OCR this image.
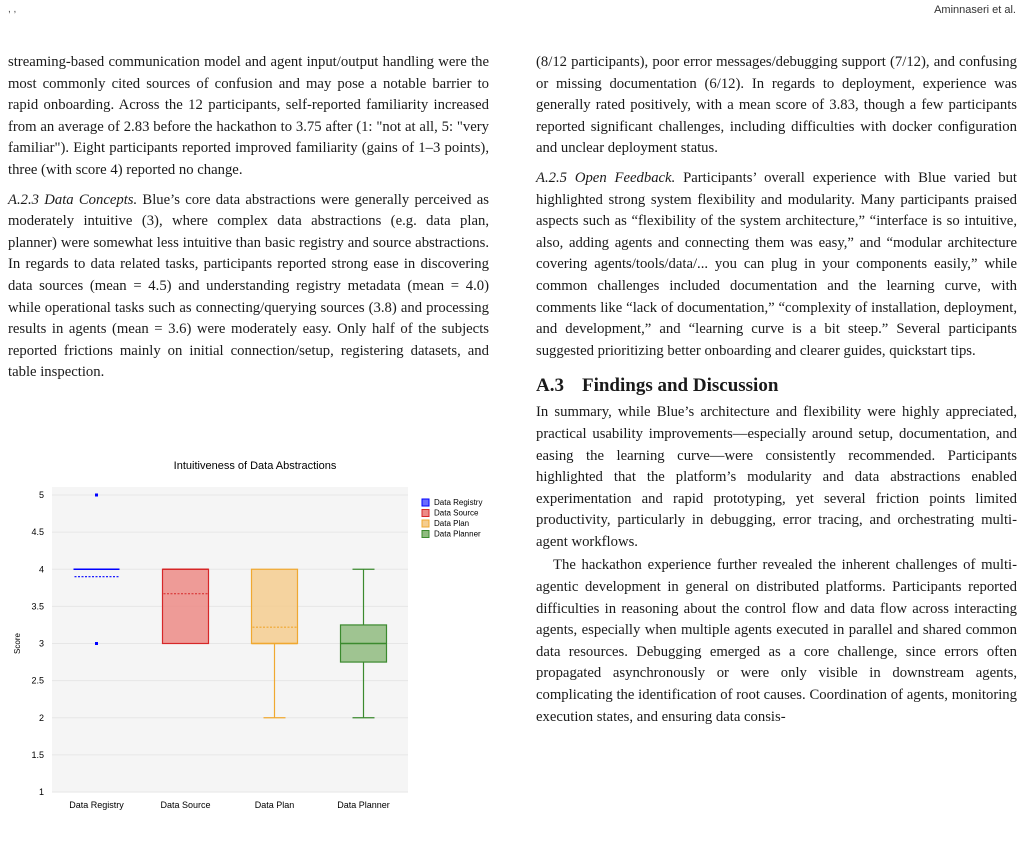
, ,	Aminnaseri et al.

streaming-based communication model and agent input/output handling were the most commonly cited sources of confusion and may pose a notable barrier to rapid onboarding. Across the 12 participants, self-reported familiarity increased from an average of 2.83 before the hackathon to 3.75 after (1: "not at all, 5: "very familiar"). Eight participants reported improved familiarity (gains of 1–3 points), three (with score 4) reported no change.

A.2.3 Data Concepts. Blue’s core data abstractions were generally perceived as moderately intuitive (3), where complex data abstractions (e.g. data plan, planner) were somewhat less intuitive than basic registry and source abstractions. In regards to data related tasks, participants reported strong ease in discovering data sources (mean = 4.5) and understanding registry metadata (mean = 4.0) while operational tasks such as connecting/querying sources (3.8) and processing results in agents (mean = 3.6) were moderately easy. Only half of the subjects reported frictions mainly on initial connection/setup, registering datasets, and table inspection.

Intuitiveness of Data Abstractions
1
1.5
2
2.5
3
3.5
4
4.5
5
Score
Data Registry	Data Source	Data Plan	Data Planner
Data Registry
Data Source
Data Plan
Data Planner

(8/12 participants), poor error messages/debugging support (7/12), and confusing or missing documentation (6/12). In regards to deployment, experience was generally rated positively, with a mean score of 3.83, though a few participants reported significant challenges, including difficulties with docker configuration and unclear deployment status.

A.2.5 Open Feedback. Participants’ overall experience with Blue varied but highlighted strong system flexibility and modularity. Many participants praised aspects such as “flexibility of the system architecture,” “interface is so intuitive, also, adding agents and connecting them was easy,” and “modular architecture covering agents/tools/data/... you can plug in your components easily,” while common challenges included documentation and the learning curve, with comments like “lack of documentation,” “complexity of installation, deployment, and development,” and “learning curve is a bit steep.” Several participants suggested prioritizing better onboarding and clearer guides, quickstart tips.

A.3 Findings and Discussion

In summary, while Blue’s architecture and flexibility were highly appreciated, practical usability improvements—especially around setup, documentation, and easing the learning curve—were consistently recommended. Participants highlighted that the platform’s modularity and data abstractions enabled experimentation and rapid prototyping, yet several friction points limited productivity, particularly in debugging, error tracing, and orchestrating multi-agent workflows.

The hackathon experience further revealed the inherent challenges of multi-agentic development in general on distributed platforms. Participants reported difficulties in reasoning about the control flow and data flow across interacting agents, especially when multiple agents executed in parallel and shared common data resources. Debugging emerged as a core challenge, since errors often propagated asynchronously or were only visible in downstream agents, complicating the identification of root causes. Coordination of agents, monitoring execution states, and ensuring data consis-
